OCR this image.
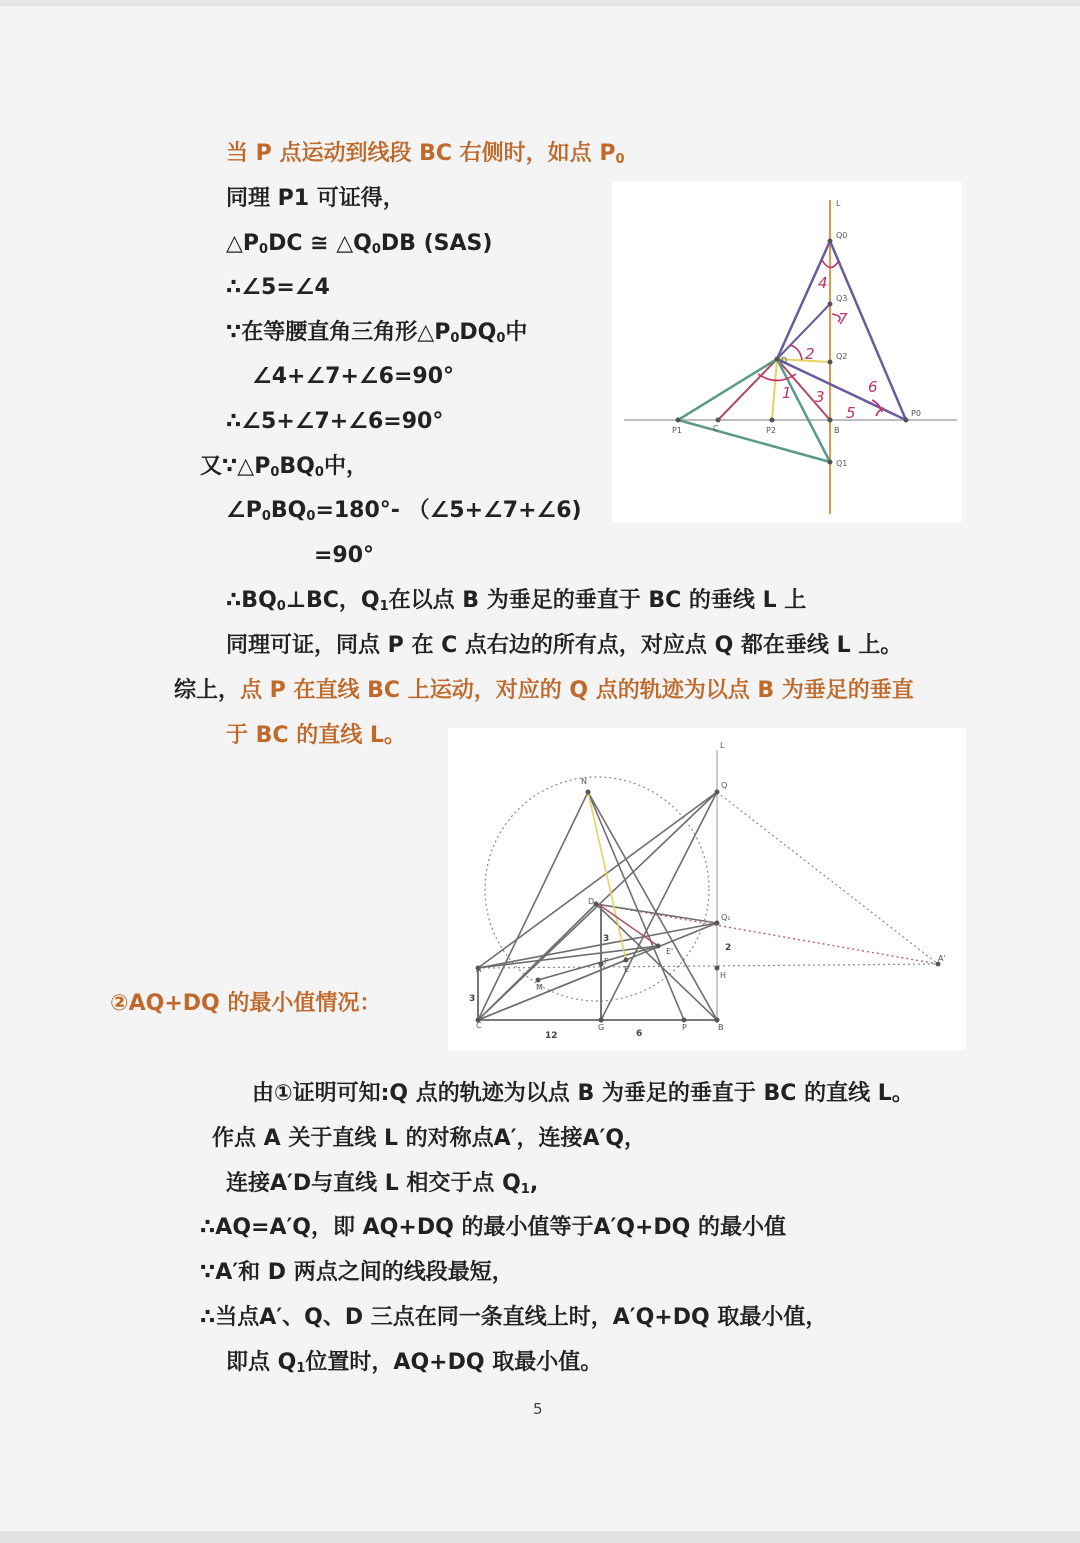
当 P 点运动到线段 BC 右侧时，如点 $P_0$
同理 P1 可证得，
$\triangle P_0DC$ ≅ $\triangle Q_0DB$ (SAS)
∴∠5=∠4
∵在等腰直角三角形$\triangle P_0DQ_0$中
∠4+∠7+∠6=90°
∴∠5+∠7+∠6=90°
又$\because\triangle P_0BQ_0$中，
$\angle P_0BQ_0=180^\circ-$ （∠5+∠7+∠6)
=90°
$\therefore BQ_0\perp BC$，$Q_1$在以点 B 为垂足的垂直于 BC 的垂线 L 上
同理可证，同点 P 在 C 点右边的所有点，对应点 Q 都在垂线 L 上。
综上，点 P 在直线 BC 上运动，对应的 Q 点的轨迹为以点 B 为垂足的垂直
于 BC 的直线 L。
②AQ+DQ 的最小值情况：
由①证明可知:Q 点的轨迹为以点 B 为垂足的垂直于 BC 的直线 L。
作点 A 关于直线 L 的对称点A′，连接A′Q，
连接A′D与直线 L 相交于点 $Q_1$,
∴AQ=A′Q，即 AQ+DQ 的最小值等于A′Q+DQ 的最小值
∵A′和 D 两点之间的线段最短，
∴当点A′、Q、D 三点在同一条直线上时，A′Q+DQ 取最小值，
即点 $Q_1$位置时，AQ+DQ 取最小值。
5
L
Q0
Q3
Q2
D
P1	C	P2	B
P0
Q1
4
7
2
3
1	6
5
L
N	Q
D
Q₁
A
A'
M
F
E
E'
H
C	G	P	B
3
3
2
12	6
